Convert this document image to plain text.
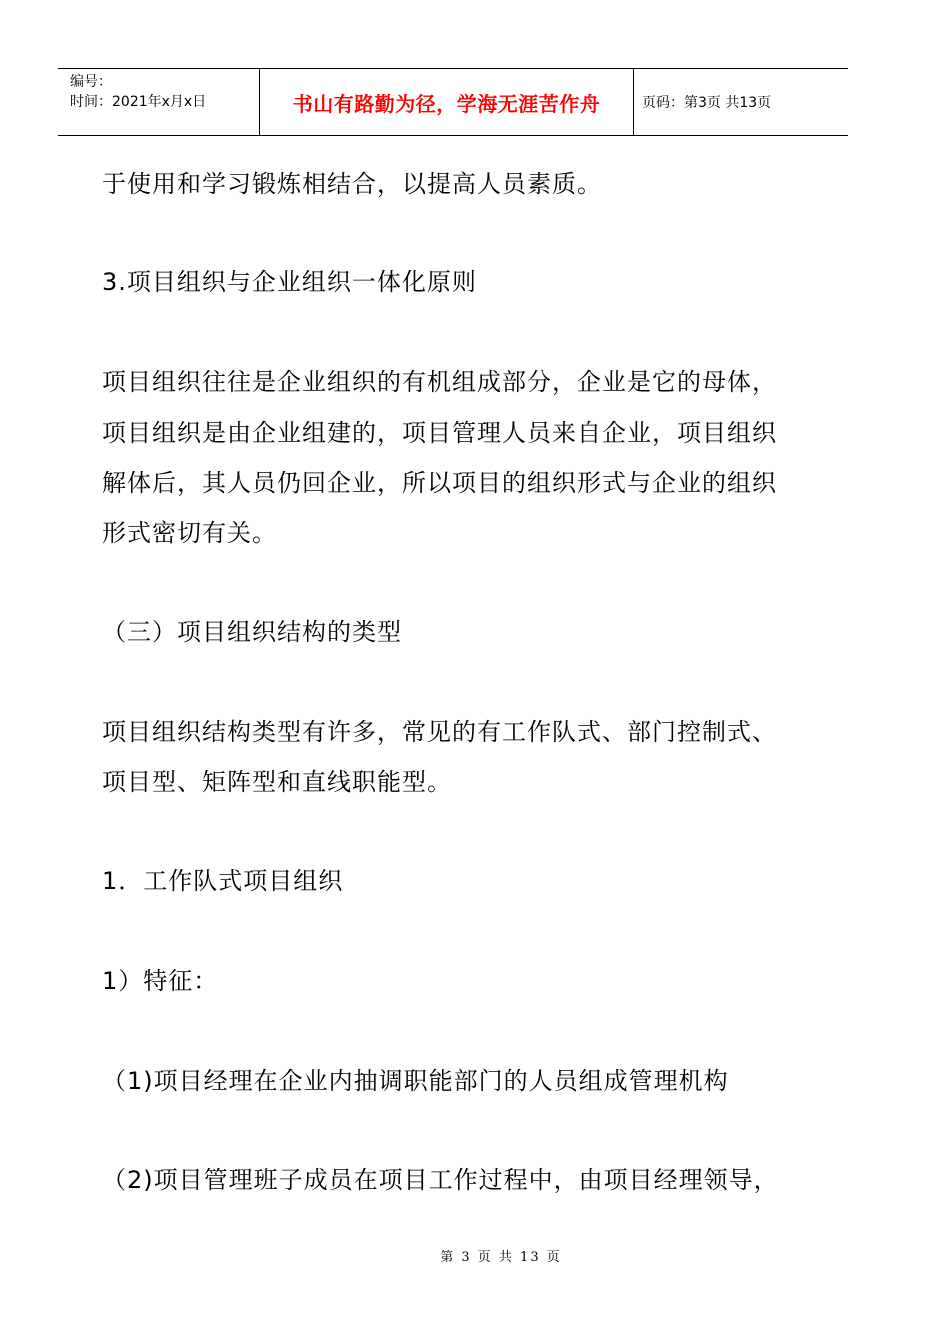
编号：
时间：2021年x月x日	书山有路勤为径，学海无涯苦作舟	页码：第3页 共13页
于使用和学习锻炼相结合，以提高人员素质。
3.项目组织与企业组织一体化原则
项目组织往往是企业组织的有机组成部分，企业是它的母体，
项目组织是由企业组建的，项目管理人员来自企业，项目组织
解体后，其人员仍回企业，所以项目的组织形式与企业的组织
形式密切有关。
（三）项目组织结构的类型
项目组织结构类型有许多，常见的有工作队式、部门控制式、
项目型、矩阵型和直线职能型。
1．工作队式项目组织
1）特征：
（1)项目经理在企业内抽调职能部门的人员组成管理机构
（2)项目管理班子成员在项目工作过程中，由项目经理领导，
第 3 页 共 13 页
